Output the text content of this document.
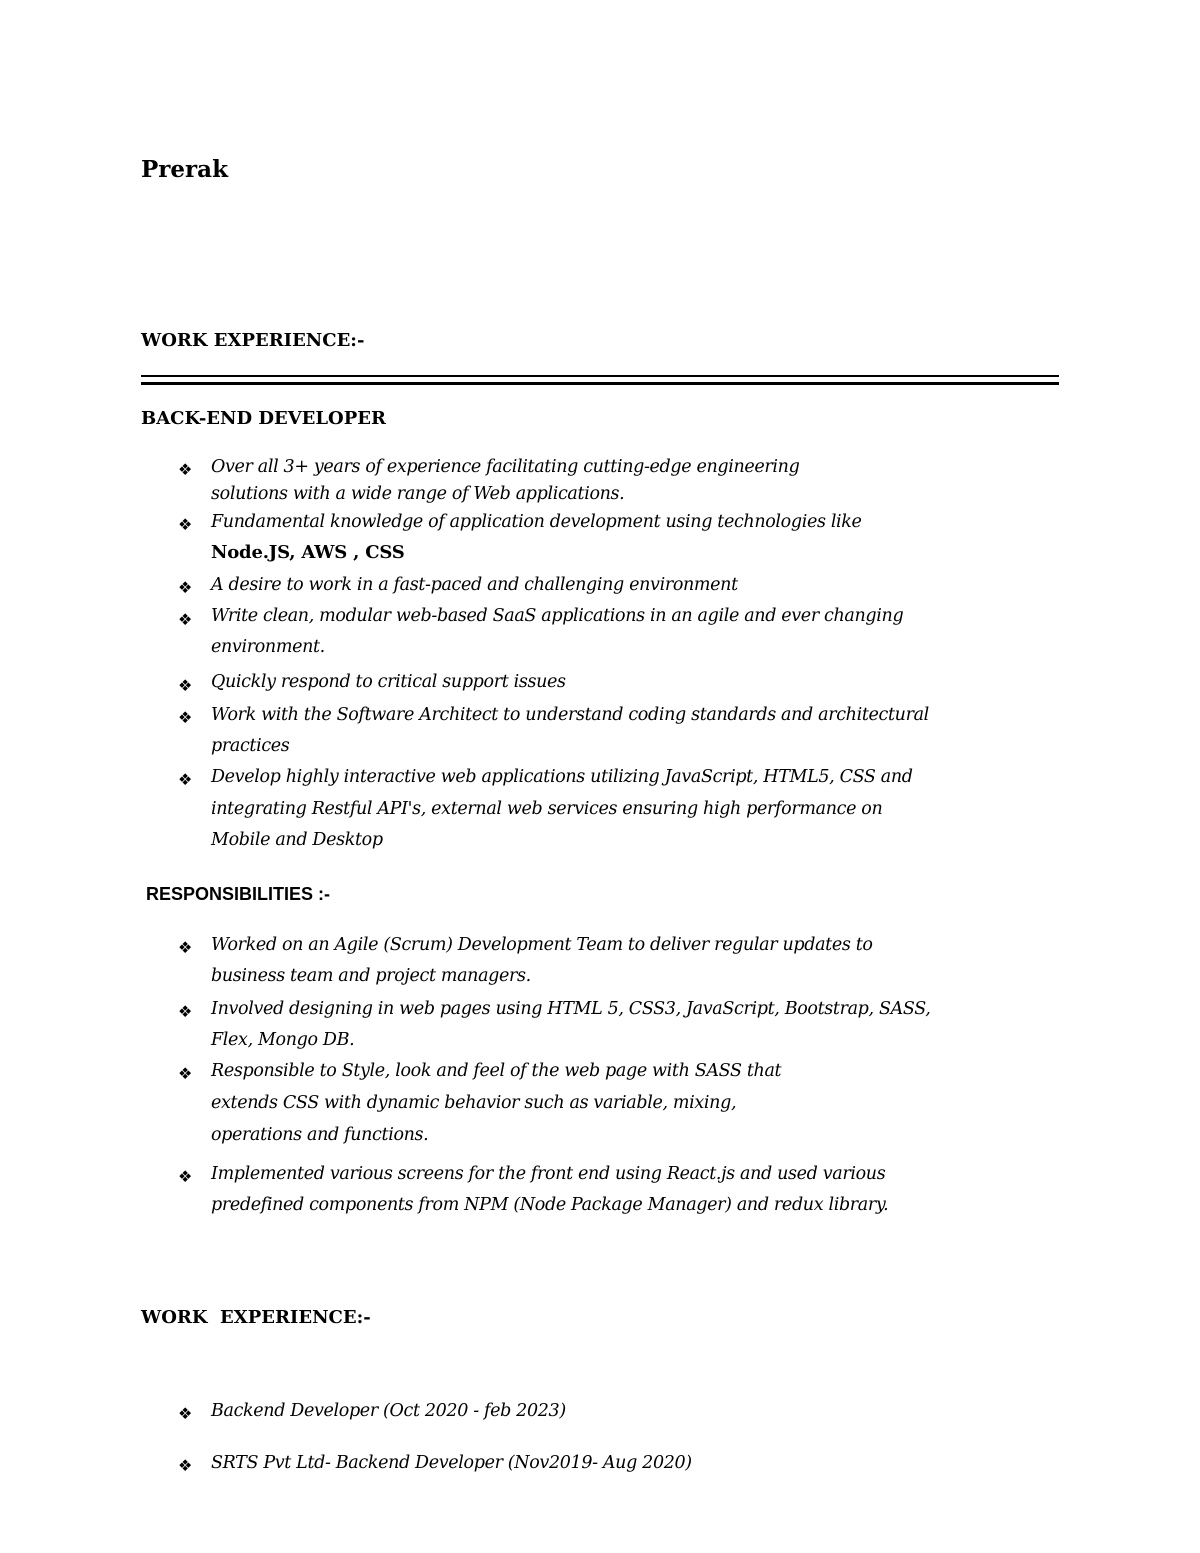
Prerak
WORK EXPERIENCE:-
BACK-END DEVELOPER
❖ Over all 3+ years of experience facilitating cutting-edge engineering
solutions with a wide range of Web applications.
❖ Fundamental knowledge of application development using technologies like
Node.JS, AWS , CSS
❖ A desire to work in a fast-paced and challenging environment
❖ Write clean, modular web-based SaaS applications in an agile and ever changing
environment.
❖ Quickly respond to critical support issues
❖ Work with the Software Architect to understand coding standards and architectural
practices
❖ Develop highly interactive web applications utilizing JavaScript, HTML5, CSS and
integrating Restful API's, external web services ensuring high performance on
Mobile and Desktop
RESPONSIBILITIES :-
❖ Worked on an Agile (Scrum) Development Team to deliver regular updates to
business team and project managers.
❖ Involved designing in web pages using HTML 5, CSS3, JavaScript, Bootstrap, SASS,
Flex, Mongo DB.
❖ Responsible to Style, look and feel of the web page with SASS that
extends CSS with dynamic behavior such as variable, mixing,
operations and functions.
❖ Implemented various screens for the front end using React.js and used various
predefined components from NPM (Node Package Manager) and redux library.
WORK  EXPERIENCE:-
❖ Backend Developer (Oct 2020 - feb 2023)
❖ SRTS Pvt Ltd- Backend Developer (Nov2019- Aug 2020)
